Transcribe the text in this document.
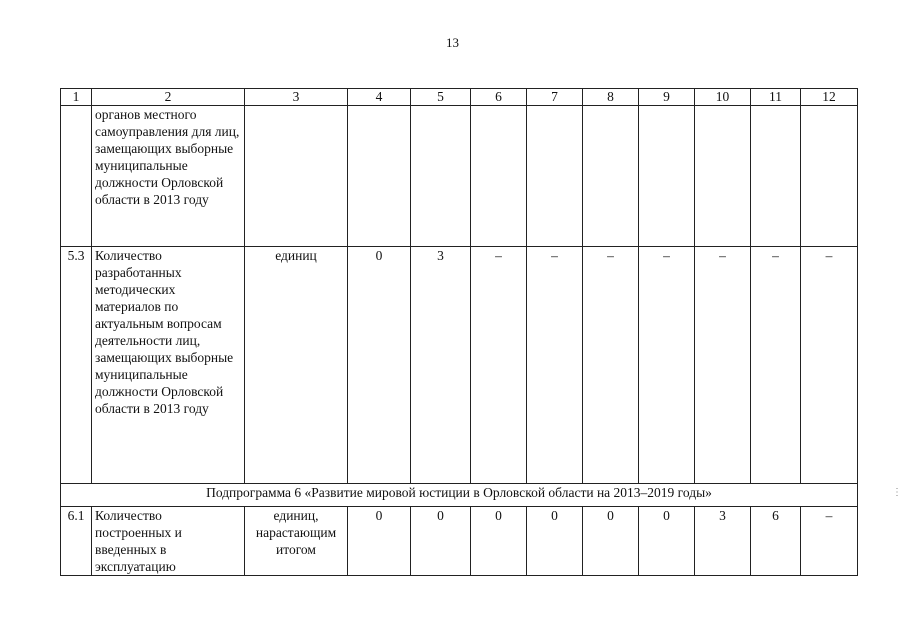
13
1	2	3	4	5	6	7	8	9	10	11	12
	органов местного самоуправления для лиц, замещающих выборные муниципальные должности Орловской области в 2013 году										
5.3	Количество разработанных методических материалов по актуальным вопросам деятельности лиц, замещающих выборные муниципальные должности Орловской области в 2013 году	единиц	0	3	–	–	–	–	–	–	–
Подпрограмма 6 «Развитие мировой юстиции в Орловской области на 2013–2019 годы»											
6.1	Количество построенных и введенных в эксплуатацию	единиц, нарастающим итогом	0	0	0	0	0	0	3	6	–
⋮
